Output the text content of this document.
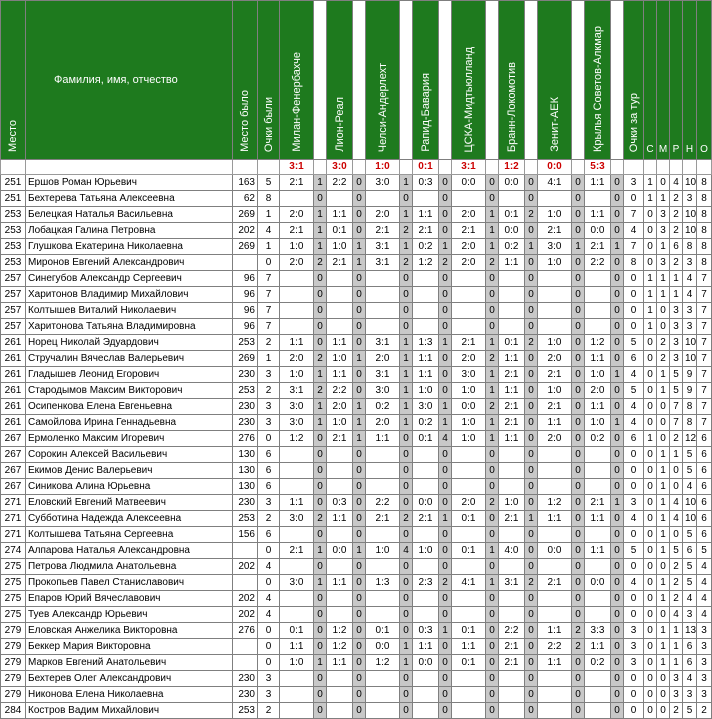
Место	Фамилия, имя, отчество	Место было	Очки были	Милан-Фенербахче		Лион-Реал		Челси-Андерлехт		Рапид-Бавария		ЦСКА-Мидтьюлланд		Бранн-Локомотив		Зенит-АЕК		Крылья Советов-Алкмар		Очки за тур	С	М	Р	Н	О
				3:1		3:0		1:0		0:1		3:1		1:2		0:0		5:3							
251	Ершов Роман Юрьевич	163	5	2:1	1	2:2	0	3:0	1	0:3	0	0:0	0	0:0	0	4:1	0	1:1	0	3	1	0	4	10	8
251	Бехтерева Татьяна Алексеевна	62	8		0		0		0		0		0		0		0		0	0	1	1	2	3	8
253	Белецкая Наталья Васильевна	269	1	2:0	1	1:1	0	2:0	1	1:1	0	2:0	1	0:1	2	1:0	0	1:1	0	7	0	3	2	10	8
253	Лобацкая Галина Петровна	202	4	2:1	1	0:1	0	2:1	2	2:1	0	2:1	1	0:0	0	2:1	0	0:0	0	4	0	3	2	10	8
253	Глушкова Екатерина Николаевна	269	1	1:0	1	1:0	1	3:1	1	0:2	1	2:0	1	0:2	1	3:0	1	2:1	1	7	0	1	6	8	8
253	Миронов Евгений Александрович		0	2:0	2	2:1	1	3:1	2	1:2	2	2:0	2	1:1	0	1:0	0	2:2	0	8	0	3	2	3	8
257	Синегубов Александр Сергеевич	96	7		0		0		0		0		0		0		0		0	0	1	1	1	4	7
257	Харитонов Владимир Михайлович	96	7		0		0		0		0		0		0		0		0	0	1	1	1	4	7
257	Колтышев Виталий Николаевич	96	7		0		0		0		0		0		0		0		0	0	1	0	3	3	7
257	Харитонова Татьяна Владимировна	96	7		0		0		0		0		0		0		0		0	0	1	0	3	3	7
261	Норец Николай Эдуардович	253	2	1:1	0	1:1	0	3:1	1	1:3	1	2:1	1	0:1	2	1:0	0	1:2	0	5	0	2	3	10	7
261	Стручалин Вячеслав Валерьевич	269	1	2:0	2	1:0	1	2:0	1	1:1	0	2:0	2	1:1	0	2:0	0	1:1	0	6	0	2	3	10	7
261	Гладышев Леонид Егорович	230	3	1:0	1	1:1	0	3:1	1	1:1	0	3:0	1	2:1	0	2:1	0	1:0	1	4	0	1	5	9	7
261	Стародымов Максим Викторович	253	2	3:1	2	2:2	0	3:0	1	1:0	0	1:0	1	1:1	0	1:0	0	2:0	0	5	0	1	5	9	7
261	Осипенкова Елена Евгеньевна	230	3	3:0	1	2:0	1	0:2	1	3:0	1	0:0	2	2:1	0	2:1	0	1:1	0	4	0	0	7	8	7
261	Самойлова Ирина Геннадьевна	230	3	3:0	1	1:0	1	2:0	1	0:2	1	1:0	1	2:1	0	1:1	0	1:0	1	4	0	0	7	8	7
267	Ермоленко Максим Игоревич	276	0	1:2	0	2:1	1	1:1	0	0:1	4	1:0	1	1:1	0	2:0	0	0:2	0	6	1	0	2	12	6
267	Сорокин Алексей Васильевич	130	6		0		0		0		0		0		0		0		0	0	0	1	1	5	6
267	Екимов Денис Валерьевич	130	6		0		0		0		0		0		0		0		0	0	0	1	0	5	6
267	Синикова Алина Юрьевна	130	6		0		0		0		0		0		0		0		0	0	0	1	0	4	6
271	Еловский Евгений Матвеевич	230	3	1:1	0	0:3	0	2:2	0	0:0	0	2:0	2	1:0	0	1:2	0	2:1	1	3	0	1	4	10	6
271	Субботина Надежда Алексеевна	253	2	3:0	2	1:1	0	2:1	2	2:1	1	0:1	0	2:1	1	1:1	0	1:1	0	4	0	1	4	10	6
271	Колтышева Татьяна Сергеевна	156	6		0		0		0		0		0		0		0		0	0	0	1	0	5	6
274	Алпарова Наталья Александровна		0	2:1	1	0:0	1	1:0	4	1:0	0	0:1	1	4:0	0	0:0	0	1:1	0	5	0	1	5	6	5
275	Петрова Людмила Анатольевна	202	4		0		0		0		0		0		0		0		0	0	0	0	2	5	4
275	Прокопьев Павел Станиславович		0	3:0	1	1:1	0	1:3	0	2:3	2	4:1	1	3:1	2	2:1	0	0:0	0	4	0	1	2	5	4
275	Епаров Юрий Вячеславович	202	4		0		0		0		0		0		0		0		0	0	0	1	2	4	4
275	Туев Александр Юрьевич	202	4		0		0		0		0		0		0		0		0	0	0	0	4	3	4
279	Еловская Анжелика Викторовна	276	0	0:1	0	1:2	0	0:1	0	0:3	1	0:1	0	2:2	0	1:1	2	3:3	0	3	0	1	1	13	3
279	Беккер Мария Викторовна		0	1:1	0	1:2	0	0:0	1	1:1	0	1:1	0	2:1	0	2:2	2	1:1	0	3	0	1	1	6	3
279	Марков Евгений Анатольевич		0	1:0	1	1:1	0	1:2	1	0:0	0	0:1	0	2:1	0	1:1	0	0:2	0	3	0	1	1	6	3
279	Бехтерев Олег Александрович	230	3		0		0		0		0		0		0		0		0	0	0	0	3	4	3
279	Никонова Елена Николаевна	230	3		0		0		0		0		0		0		0		0	0	0	0	3	3	3
284	Костров Вадим Михайлович	253	2		0		0		0		0		0		0		0		0	0	0	0	2	5	2
